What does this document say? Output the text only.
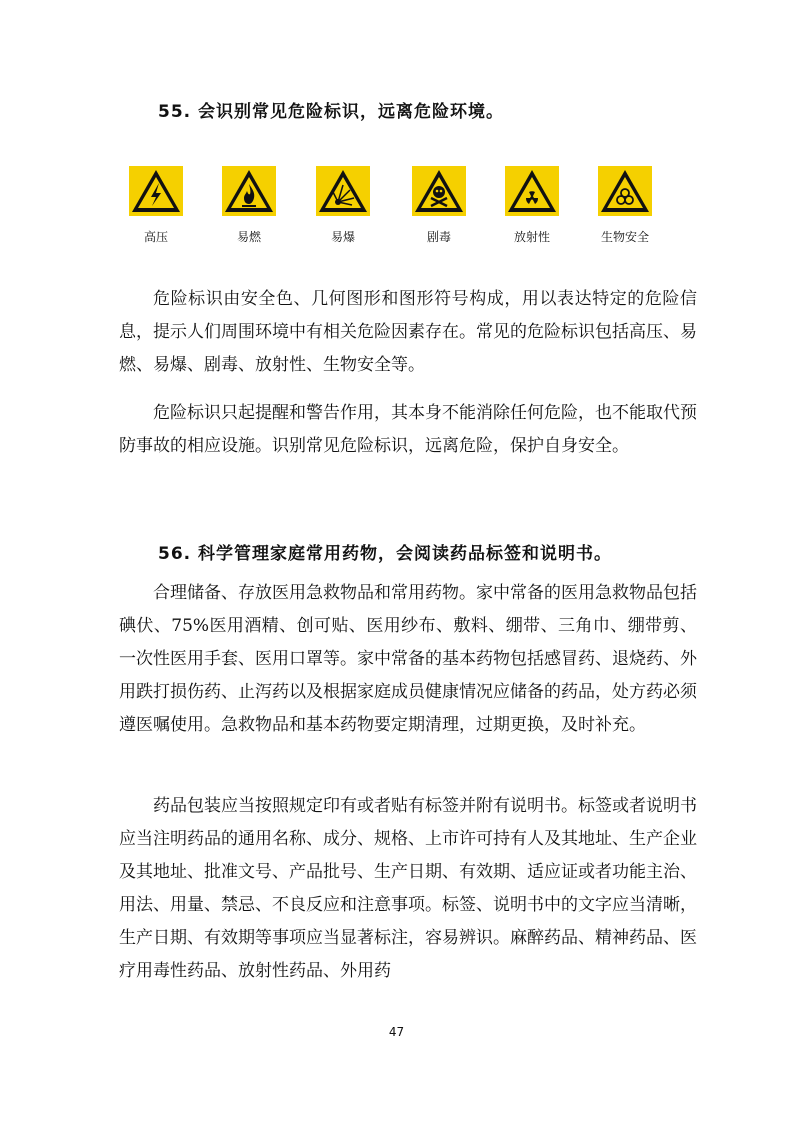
55. 会识别常见危险标识，远离危险环境。
高压	易燃	易爆	剧毒	放射性	生物安全

危险标识由安全色、几何图形和图形符号构成，用以表达特定的危险信息，提示人们周围环境中有相关危险因素存在。常见的危险标识包括高压、易燃、易爆、剧毒、放射性、生物安全等。

危险标识只起提醒和警告作用，其本身不能消除任何危险，也不能取代预防事故的相应设施。识别常见危险标识，远离危险，保护自身安全。

56. 科学管理家庭常用药物，会阅读药品标签和说明书。

合理储备、存放医用急救物品和常用药物。家中常备的医用急救物品包括碘伏、75%医用酒精、创可贴、医用纱布、敷料、绷带、三角巾、绷带剪、一次性医用手套、医用口罩等。家中常备的基本药物包括感冒药、退烧药、外用跌打损伤药、止泻药以及根据家庭成员健康情况应储备的药品，处方药必须遵医嘱使用。急救物品和基本药物要定期清理，过期更换，及时补充。

药品包装应当按照规定印有或者贴有标签并附有说明书。标签或者说明书应当注明药品的通用名称、成分、规格、上市许可持有人及其地址、生产企业及其地址、批准文号、产品批号、生产日期、有效期、适应证或者功能主治、用法、用量、禁忌、不良反应和注意事项。标签、说明书中的文字应当清晰，生产日期、有效期等事项应当显著标注，容易辨识。麻醉药品、精神药品、医疗用毒性药品、放射性药品、外用药

47
